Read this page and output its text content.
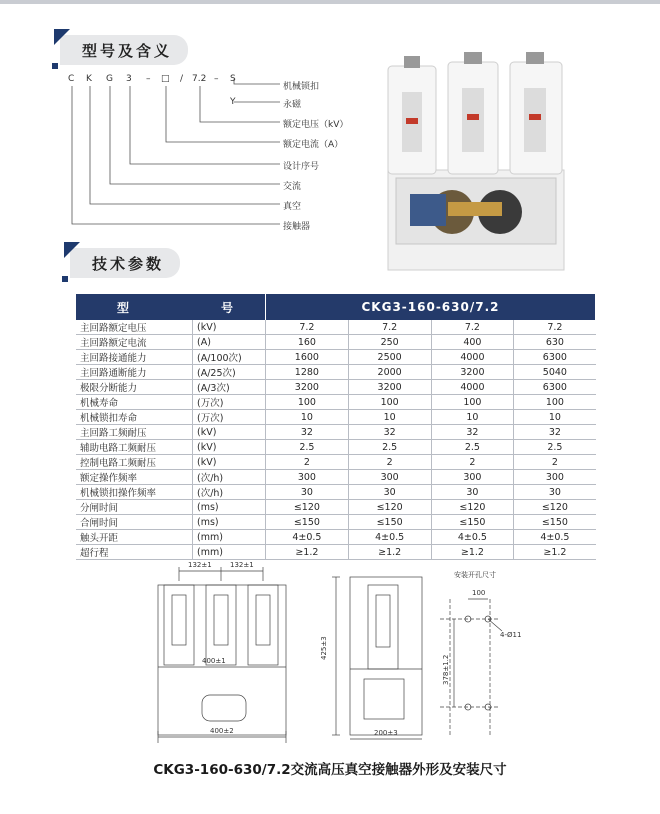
型号及含义
C K G 3 – □ / 7.2 – S
Y
机械锁扣
永磁
额定电压（kV）
额定电流（A）
设计序号
交流
真空
接触器
技术参数
型 号		CKG3-160-630/7.2			
主回路额定电压	(kV)	7.2	7.2	7.2	7.2
主回路额定电流	(A)	160	250	400	630
主回路接通能力	(A/100次)	1600	2500	4000	6300
主回路通断能力	(A/25次)	1280	2000	3200	5040
极限分断能力	(A/3次)	3200	3200	4000	6300
机械寿命	(万次)	100	100	100	100
机械锁扣寿命	(万次)	10	10	10	10
主回路工频耐压	(kV)	32	32	32	32
辅助电路工频耐压	(kV)	2.5	2.5	2.5	2.5
控制电路工频耐压	(kV)	2	2	2	2
额定操作频率	(次/h)	300	300	300	300
机械锁扣操作频率	(次/h)	30	30	30	30
分闸时间	(ms)	≤120	≤120	≤120	≤120
合闸时间	(ms)	≤150	≤150	≤150	≤150
触头开距	(mm)	4±0.5	4±0.5	4±0.5	4±0.5
超行程	(mm)	≥1.2	≥1.2	≥1.2	≥1.2
132±1	132±1
400±1
400±2
425±3
200±3
安装开孔尺寸
100
4-Ø11
378±1.2
CKG3-160-630/7.2交流高压真空接触器外形及安装尺寸
